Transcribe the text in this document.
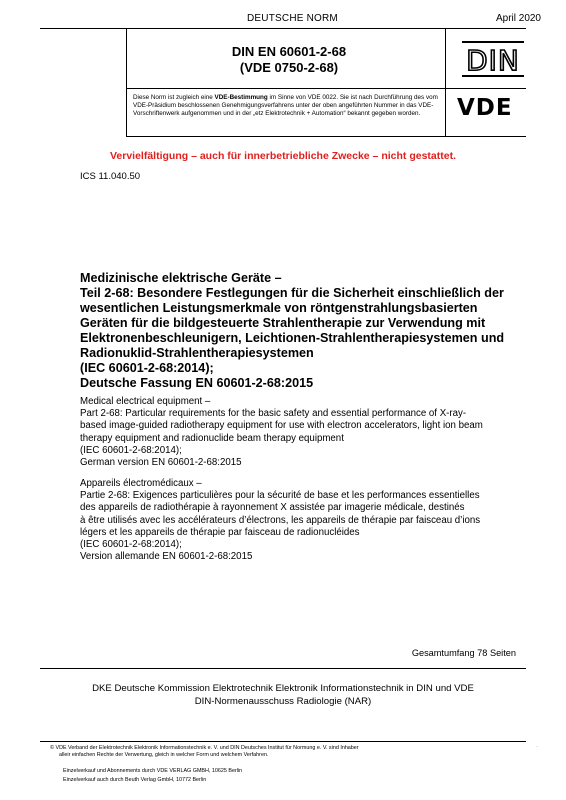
DEUTSCHE NORM	April 2020
DIN EN 60601-2-68
(VDE 0750-2-68)	DIN
Diese Norm ist zugleich eine VDE-Bestimmung im Sinne von VDE 0022. Sie ist nach Durchführung des vom VDE-Präsidium beschlossenen Genehmigungsverfahrens unter der oben angeführten Nummer in das VDE-Vorschriftenwerk aufgenommen und in der „etz Elektrotechnik + Automation“ bekannt gegeben worden.	VDE
Vervielfältigung – auch für innerbetriebliche Zwecke – nicht gestattet.
ICS 11.040.50
Medizinische elektrische Geräte –
Teil 2-68: Besondere Festlegungen für die Sicherheit einschließlich der
wesentlichen Leistungsmerkmale von röntgenstrahlungsbasierten
Geräten für die bildgesteuerte Strahlentherapie zur Verwendung mit
Elektronenbeschleunigern, Leichtionen-Strahlentherapiesystemen und
Radionuklid-Strahlentherapiesystemen
(IEC 60601-2-68:2014);
Deutsche Fassung EN 60601-2-68:2015
Medical electrical equipment –
Part 2-68: Particular requirements for the basic safety and essential performance of X-ray-
based image-guided radiotherapy equipment for use with electron accelerators, light ion beam
therapy equipment and radionuclide beam therapy equipment
(IEC 60601-2-68:2014);
German version EN 60601-2-68:2015
Appareils électromédicaux –
Partie 2-68: Exigences particulières pour la sécurité de base et les performances essentielles
des appareils de radiothérapie à rayonnement X assistée par imagerie médicale, destinés
à être utilisés avec les accélérateurs d’électrons, les appareils de thérapie par faisceau d’ions
légers et les appareils de thérapie par faisceau de radionucléides
(IEC 60601-2-68:2014);
Version allemande EN 60601-2-68:2015
Gesamtumfang 78 Seiten
DKE Deutsche Kommission Elektrotechnik Elektronik Informationstechnik in DIN und VDE
DIN-Normenausschuss Radiologie (NAR)
© VDE Verband der Elektrotechnik Elektronik Informationstechnik e. V. und DIN Deutsches Institut für Normung e. V. sind Inhaber
alleir einfachen Rechte der Verwertung, gleich in welcher Form und welchem Verfahren.
·
Einzelverkauf und Abonnements durch VDE VERLAG GMBH, 10625 Berlin
Einzelverkauf auch durch Beuth Verlag GmbH, 10772 Berlin
